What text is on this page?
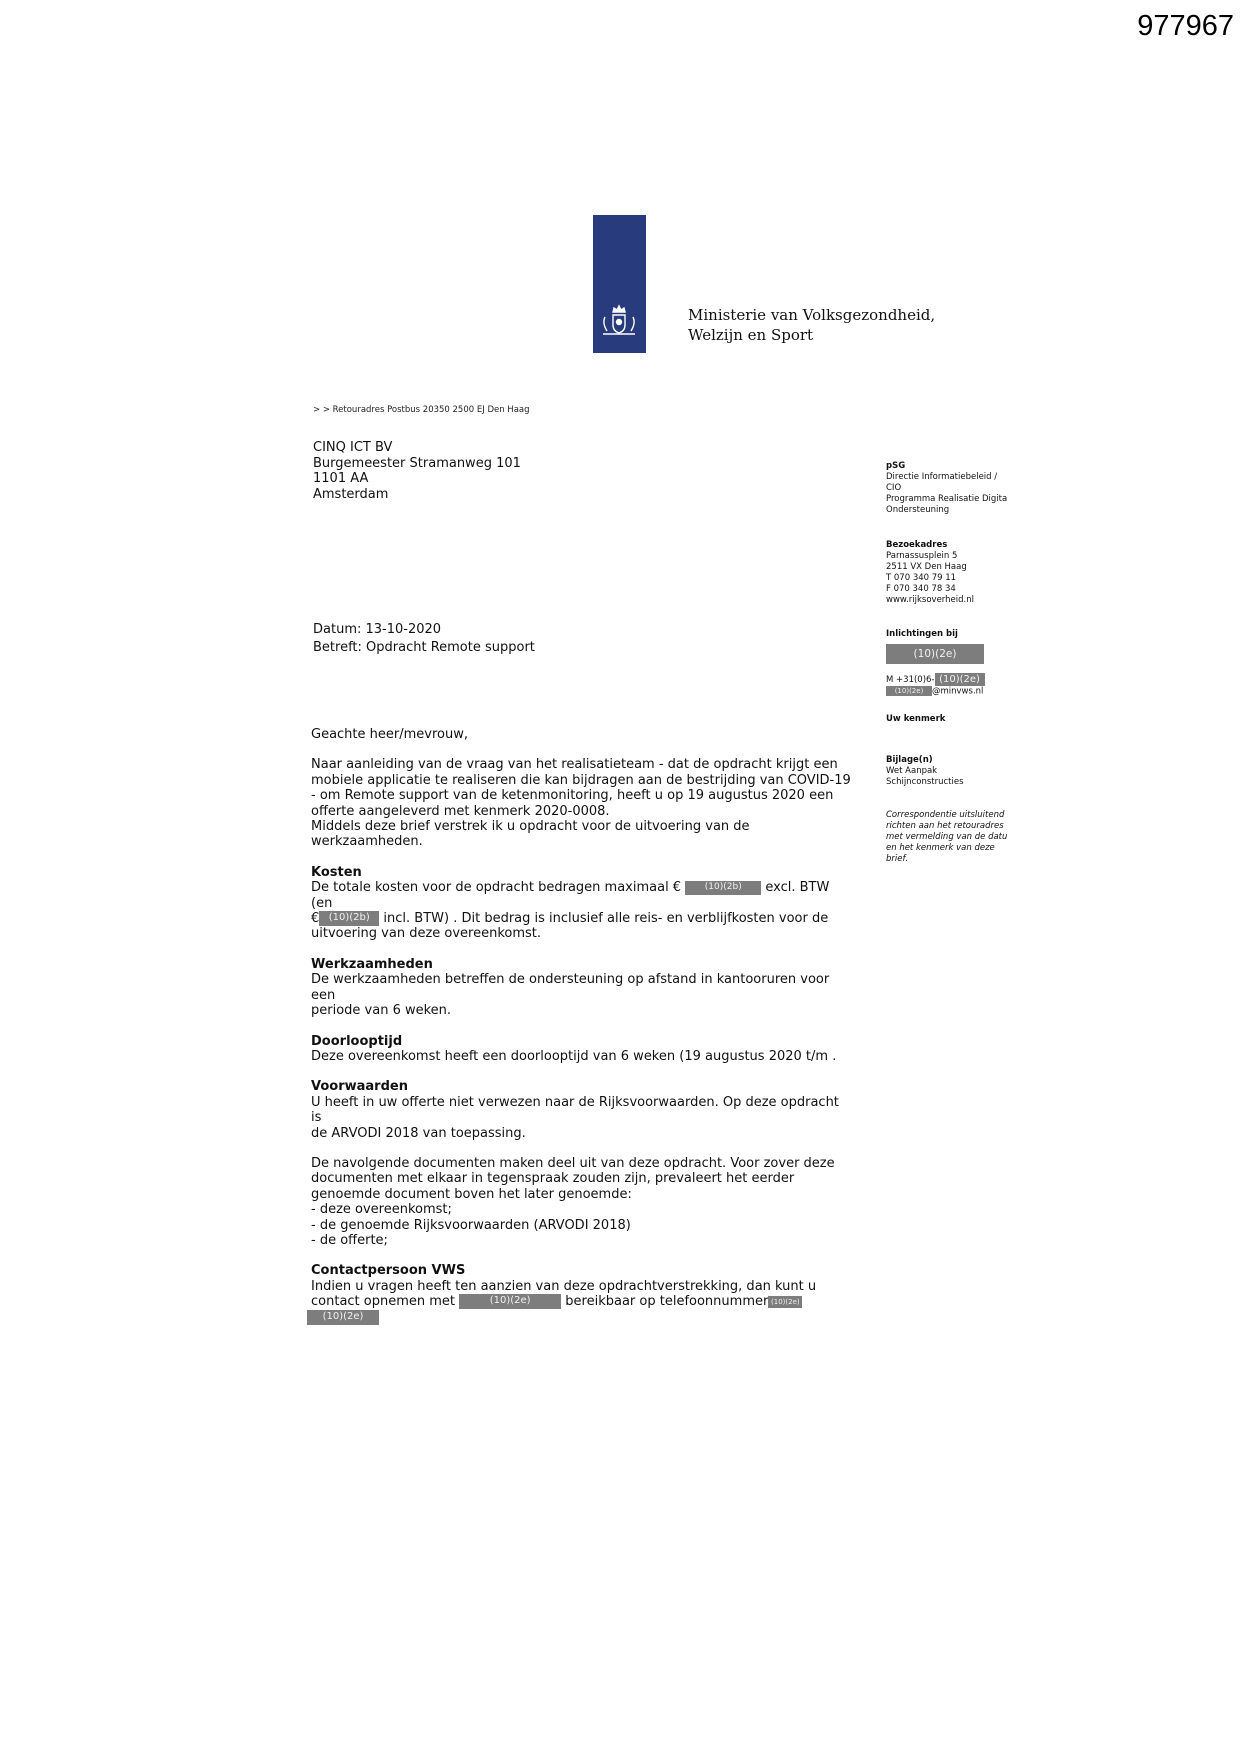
977967
Ministerie van Volksgezondheid,
Welzijn en Sport
> > Retouradres Postbus 20350 2500 EJ Den Haag
CINQ ICT BV
Burgemeester Stramanweg 101
1101 AA
Amsterdam
Datum: 13-10-2020
Betreft: Opdracht Remote support
pSG
Directie Informatiebeleid /
CIO
Programma Realisatie Digita
Ondersteuning
Bezoekadres
Parnassusplein 5
2511 VX Den Haag
T 070 340 79 11
F 070 340 78 34
www.rijksoverheid.nl
Inlichtingen bij
(10)(2e)
M +31(0)6- (10)(2e)
(10)(2e) @minvws.nl
Uw kenmerk
Bijlage(n)
Wet Aanpak
Schijnconstructies
Correspondentie uitsluitend
richten aan het retouradres
met vermelding van de datu
en het kenmerk van deze
brief.

Geachte heer/mevrouw,

Naar aanleiding van de vraag van het realisatieteam - dat de opdracht krijgt een
mobiele applicatie te realiseren die kan bijdragen aan de bestrijding van COVID-19
- om Remote support van de ketenmonitoring, heeft u op 19 augustus 2020 een
offerte aangeleverd met kenmerk 2020-0008.
Middels deze brief verstrek ik u opdracht voor de uitvoering van de
werkzaamheden.
Kosten
De totale kosten voor de opdracht bedragen maximaal €	(10)(2b) excl. BTW (en
€ (10)(2b) incl. BTW) . Dit bedrag is inclusief alle reis- en verblijfkosten voor de
uitvoering van deze overeenkomst.
Werkzaamheden
De werkzaamheden betreffen de ondersteuning op afstand in kantooruren voor een
periode van 6 weken.
Doorlooptijd
Deze overeenkomst heeft een doorlooptijd van 6 weken (19 augustus 2020 t/m .
Voorwaarden
U heeft in uw offerte niet verwezen naar de Rijksvoorwaarden. Op deze opdracht is
de ARVODI 2018 van toepassing.
De navolgende documenten maken deel uit van deze opdracht. Voor zover deze
documenten met elkaar in tegenspraak zouden zijn, prevaleert het eerder
genoemde document boven het later genoemde:
- deze overeenkomst;
- de genoemde Rijksvoorwaarden (ARVODI 2018)
- de offerte;
Contactpersoon VWS
Indien u vragen heeft ten aanzien van deze opdrachtverstrekking, dan kunt u
contact opnemen met	(10)(2e)	bereikbaar op telefoonnummer (10)(2e)
(10)(2e)
